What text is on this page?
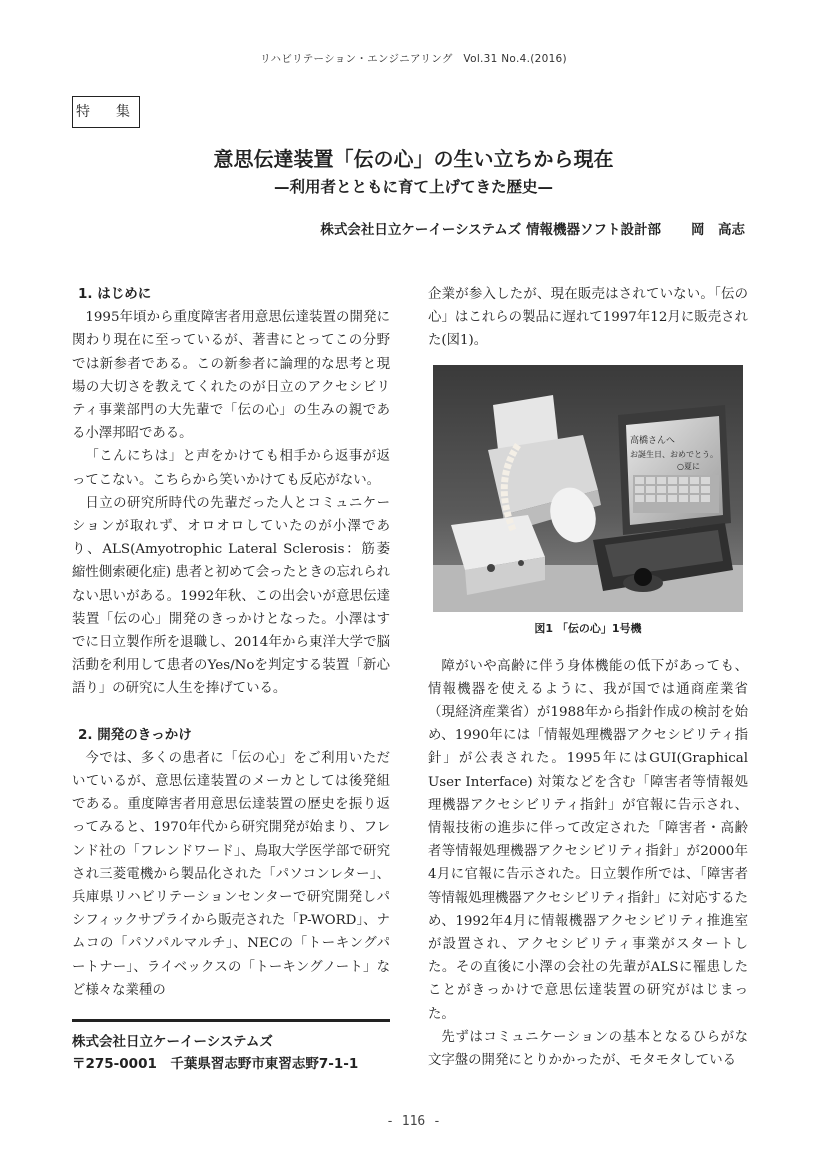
リハビリテーション・エンジニアリング　Vol.31 No.4.(2016)
特　集
意思伝達装置「伝の心」の生い立ちから現在
—利用者とともに育て上げてきた歴史—
株式会社日立ケーイーシステムズ 情報機器ソフト設計部 岡　高志
1. はじめに

1995年頃から重度障害者用意思伝達装置の開発に関わり現在に至っているが、著書にとってこの分野では新参者である。この新参者に論理的な思考と現場の大切さを教えてくれたのが日立のアクセシビリティ事業部門の大先輩で「伝の心」の生みの親である小澤邦昭である。

「こんにちは」と声をかけても相手から返事が返ってこない。こちらから笑いかけても反応がない。

日立の研究所時代の先輩だった人とコミュニケーションが取れず、オロオロしていたのが小澤であり、ALS(Amyotrophic Lateral Sclerosis：筋萎縮性側索硬化症) 患者と初めて会ったときの忘れられない思いがある。1992年秋、この出会いが意思伝達装置「伝の心」開発のきっかけとなった。小澤はすでに日立製作所を退職し、2014年から東洋大学で脳活動を利用して患者のYes/Noを判定する装置「新心語り」の研究に人生を捧げている。

2. 開発のきっかけ

今では、多くの患者に「伝の心」をご利用いただいているが、意思伝達装置のメーカとしては後発組である。重度障害者用意思伝達装置の歴史を振り返ってみると、1970年代から研究開発が始まり、フレンド社の「フレンドワード」、鳥取大学医学部で研究され三菱電機から製品化された「パソコンレター」、兵庫県リハビリテーションセンターで研究開発しパシフィックサプライから販売された「P-WORD」、ナムコの「パソパルマルチ」、NECの「トーキングパートナー」、ライベックスの「トーキングノート」など様々な業種の

企業が参入したが、現在販売はされていない。「伝の心」はこれらの製品に遅れて1997年12月に販売された(図1)。

高橋さんへ
お誕生日、おめでとう。
○夏に
図1 「伝の心」1号機

障がいや高齢に伴う身体機能の低下があっても、情報機器を使えるように、我が国では通商産業省（現経済産業省）が1988年から指針作成の検討を始め、1990年には「情報処理機器アクセシビリティ指針」が公表された。1995年にはGUI(Graphical User Interface) 対策などを含む「障害者等情報処理機器アクセシビリティ指針」が官報に告示され、情報技術の進歩に伴って改定された「障害者・高齢者等情報処理機器アクセシビリティ指針」が2000年4月に官報に告示された。日立製作所では、「障害者等情報処理機器アクセシビリティ指針」に対応するため、1992年4月に情報機器アクセシビリティ推進室が設置され、アクセシビリティ事業がスタートした。その直後に小澤の会社の先輩がALSに罹患したことがきっかけで意思伝達装置の研究がはじまった。

先ずはコミュニケーションの基本となるひらがな文字盤の開発にとりかかったが、モタモタしている

株式会社日立ケーイーシステムズ
〒275-0001　千葉県習志野市東習志野7-1-1
- 116 -
